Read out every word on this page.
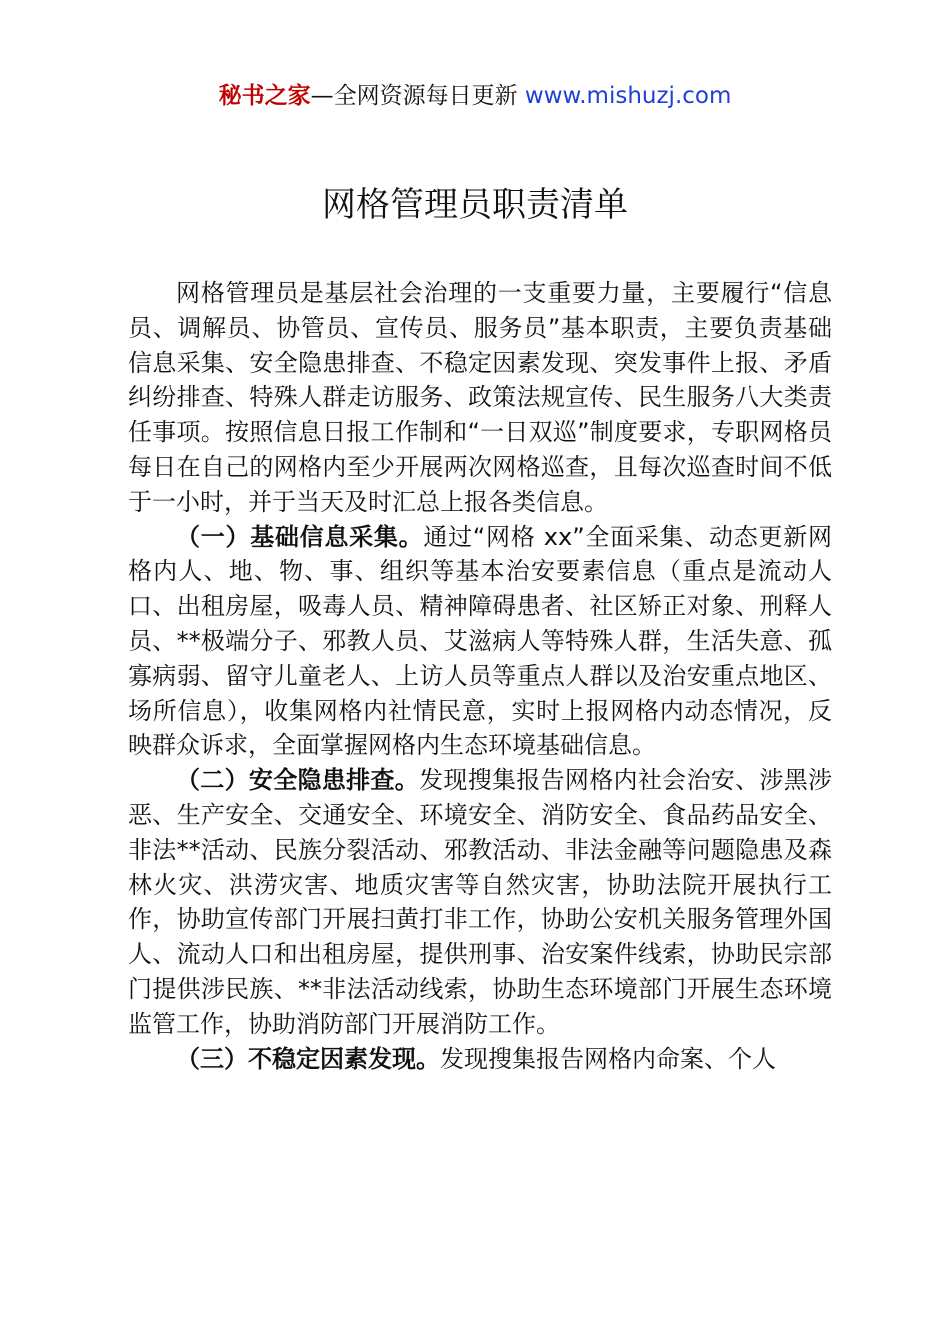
秘书之家—全网资源每日更新 www.mishuzj.com
网格管理员职责清单

网格管理员是基层社会治理的一支重要力量，主要履行“信息员、调解员、协管员、宣传员、服务员”基本职责，主要负责基础信息采集、安全隐患排查、不稳定因素发现、突发事件上报、矛盾纠纷排查、特殊人群走访服务、政策法规宣传、民生服务八大类责任事项。按照信息日报工作制和“一日双巡”制度要求，专职网格员每日在自己的网格内至少开展两次网格巡查，且每次巡查时间不低于一小时，并于当天及时汇总上报各类信息。

（一）基础信息采集。通过“网格 xx”全面采集、动态更新网格内人、地、物、事、组织等基本治安要素信息（重点是流动人口、出租房屋，吸毒人员、精神障碍患者、社区矫正对象、刑释人员、**极端分子、邪教人员、艾滋病人等特殊人群，生活失意、孤寡病弱、留守儿童老人、上访人员等重点人群以及治安重点地区、场所信息），收集网格内社情民意，实时上报网格内动态情况，反映群众诉求，全面掌握网格内生态环境基础信息。

（二）安全隐患排查。发现搜集报告网格内社会治安、涉黑涉恶、生产安全、交通安全、环境安全、消防安全、食品药品安全、非法**活动、民族分裂活动、邪教活动、非法金融等问题隐患及森林火灾、洪涝灾害、地质灾害等自然灾害，协助法院开展执行工作，协助宣传部门开展扫黄打非工作，协助公安机关服务管理外国人、流动人口和出租房屋，提供刑事、治安案件线索，协助民宗部门提供涉民族、**非法活动线索，协助生态环境部门开展生态环境监管工作，协助消防部门开展消防工作。

（三）不稳定因素发现。发现搜集报告网格内命案、个人
